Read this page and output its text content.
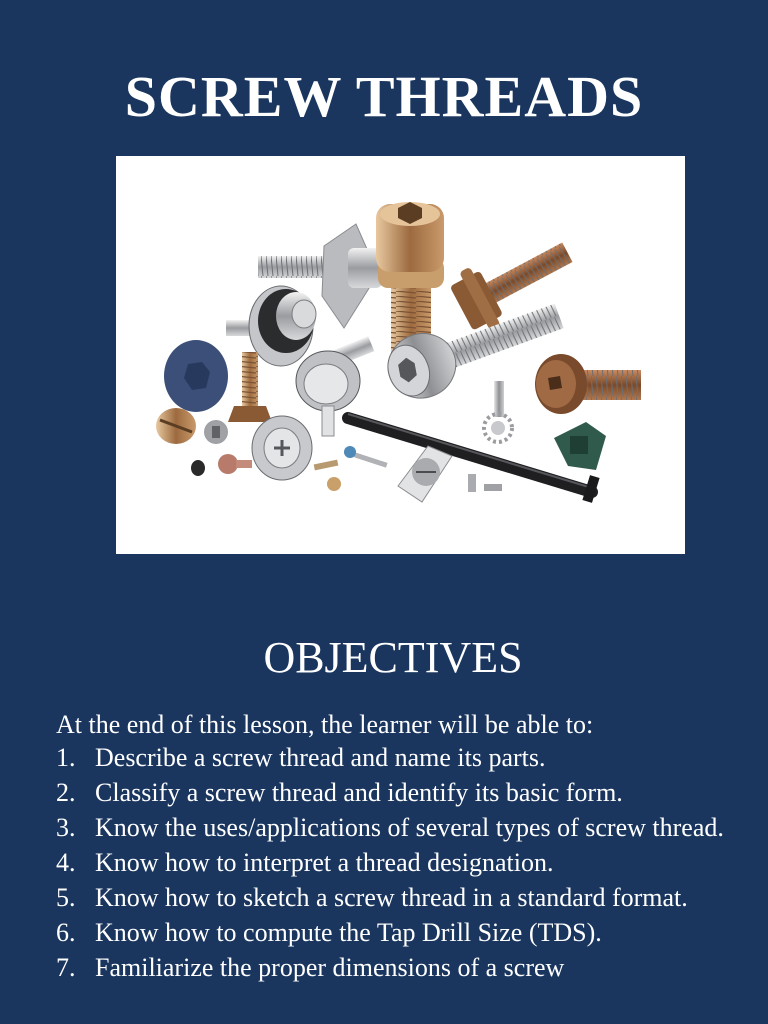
SCREW THREADS
OBJECTIVES
At the end of this lesson, the learner will be able to:
1. Describe a screw thread and name its parts.
2. Classify a screw thread and identify its basic form.
3. Know the uses/applications of several types of screw thread.
4. Know how to interpret a thread designation.
5. Know how to sketch a screw thread in a standard format.
6. Know how to compute the Tap Drill Size (TDS).
7. Familiarize the proper dimensions of a screw
